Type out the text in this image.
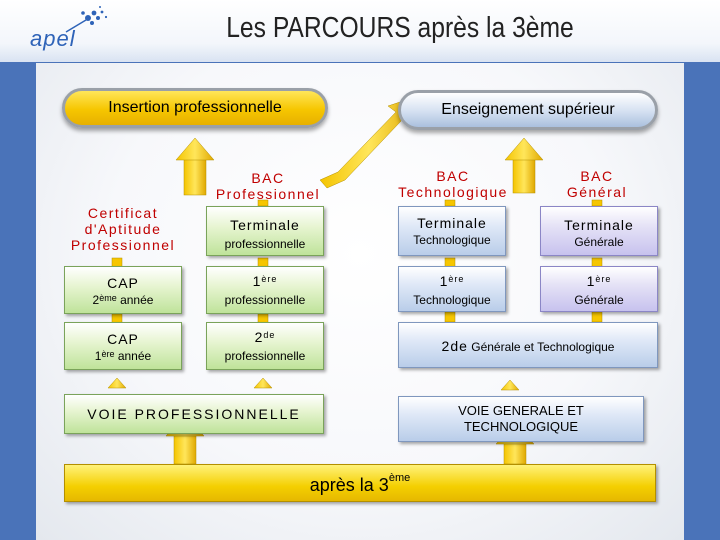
apel	Les PARCOURS après la 3ème
Insertion professionnelle	Enseignement supérieur
BAC
Professionnel
BAC
Technologique
BAC
Général
Certificat
d'Aptitude
Professionnel
Terminale
professionnelle
Terminale
Technologique
Terminale
Générale
CAP
2ème année
1ère
professionnelle
1ère
Technologique
1ère
Générale
CAP
1ère année
2de
professionnelle
2de Générale et Technologique
VOIE PROFESSIONNELLE	VOIE GENERALE ET
TECHNOLOGIQUE
après la 3ème
